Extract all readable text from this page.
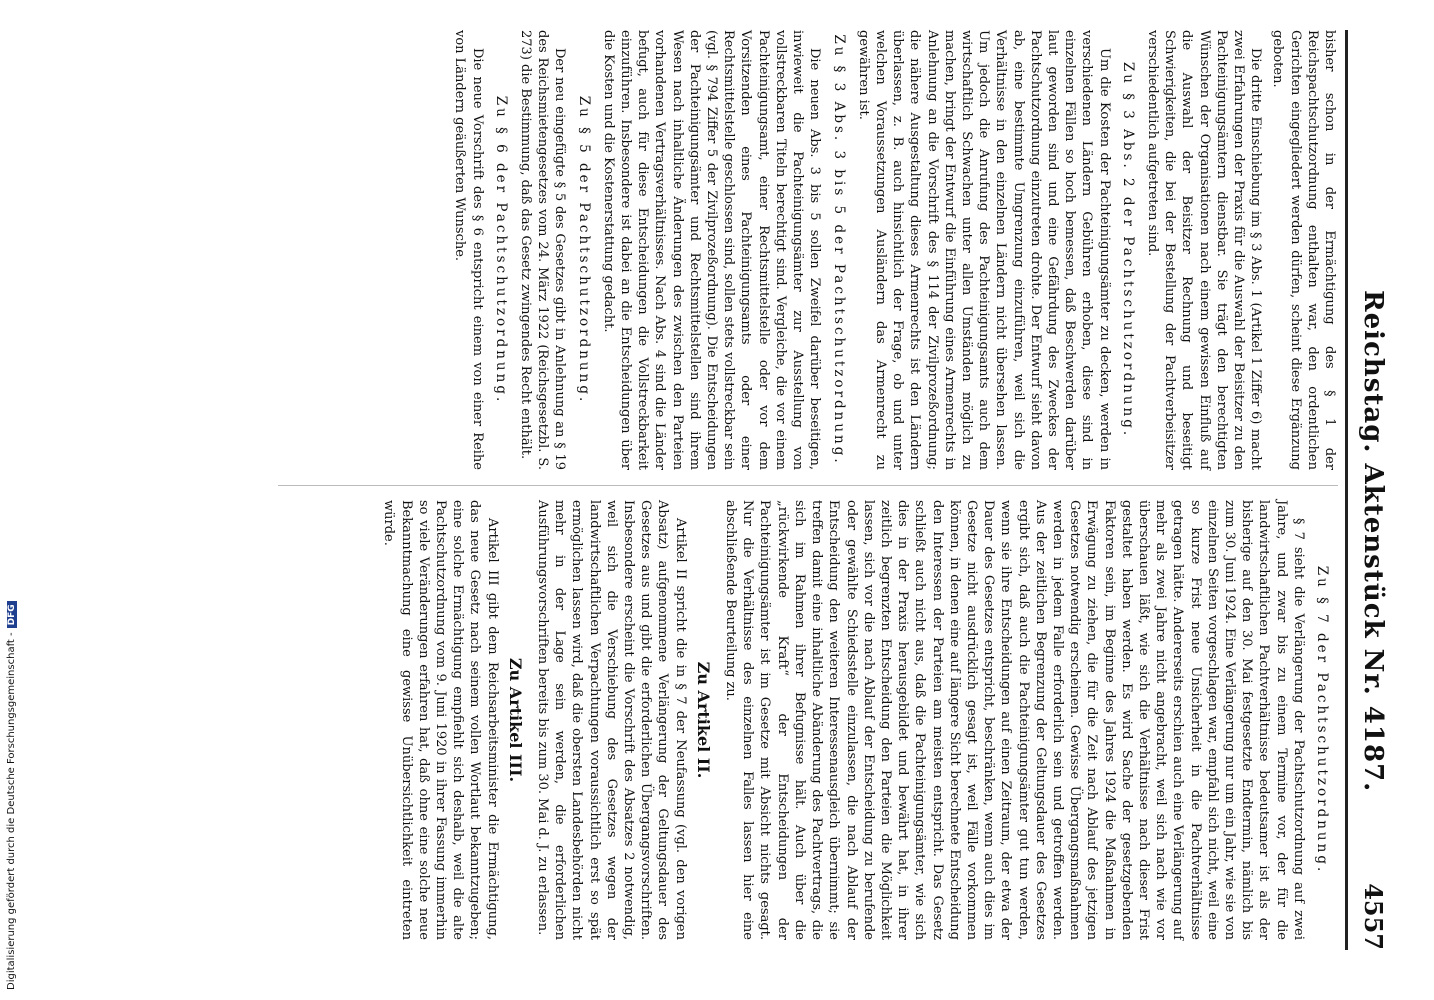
Reichstag. Aktenstück Nr. 4187.
4557

bisher schon in der Ermächtigung des § 1 der Reichspachtschutzordnung enthalten war, den ordentlichen Gerichten eingegliedert werden dürfen, scheint diese Ergänzung geboten.

Die dritte Einschiebung im § 3 Abs. 1 (Artikel 1 Ziffer 6) macht zwei Erfahrungen der Praxis für die Auswahl der Beisitzer zu den Pachteinigungsämtern dienstbar. Sie trägt den berechtigten Wünschen der Organisationen nach einem gewissen Einfluß auf die Auswahl der Beisitzer Rechnung und beseitigt Schwierigkeiten, die bei der Bestellung der Pachtverbeisitzer verschiedentlich aufgetreten sind.

Zu § 3 Abs. 2 der Pachtschutzordnung.

Um die Kosten der Pachteinigungsämter zu decken, werden in verschiedenen Ländern Gebühren erhoben, diese sind in einzelnen Fällen so hoch bemessen, daß Beschwerden darüber laut geworden sind und eine Gefährdung des Zweckes der Pachtschutzordnung einzutreten drohte. Der Entwurf sieht davon ab, eine bestimmte Umgrenzung einzuführen, weil sich die Verhältnisse in den einzelnen Ländern nicht übersehen lassen. Um jedoch die Anrufung des Pachteinigungsamts auch dem wirtschaftlich Schwachen unter allen Umständen möglich zu machen, bringt der Entwurf die Einführung eines Armenrechts in Anlehnung an die Vorschrift des § 114 der Zivilprozeßordnung; die nähere Ausgestaltung dieses Armenrechts ist den Ländern überlassen, z. B. auch hinsichtlich der Frage, ob und unter welchen Voraussetzungen Ausländern das Armenrecht zu gewähren ist.

Zu § 3 Abs. 3 bis 5 der Pachtschutzordnung.

Die neuen Abs. 3 bis 5 sollen Zweifel darüber beseitigen, inwieweit die Pachteinigungsämter zur Ausstellung von vollstreckbaren Titeln berechtigt sind. Vergleiche, die vor einem Pachteinigungsamt, einer Rechtsmittelstelle oder vor dem Vorsitzenden eines Pachteinigungsamts oder einer Rechtsmittelstelle geschlossen sind, sollen stets vollstreckbar sein (vgl. § 794 Ziffer 5 der Zivilprozeßordnung). Die Entscheidungen der Pachteinigungsämter und Rechtsmittelstellen sind ihrem Wesen nach inhaltliche Änderungen des zwischen den Parteien vorhandenen Vertragsverhältnisses. Nach Abs. 4 sind die Länder befugt, auch für diese Entscheidungen die Vollstreckbarkeit einzuführen. Insbesondere ist dabei an die Entscheidungen über die Kosten und die Kostenerstattung gedacht.

Zu § 5 der Pachtschutzordnung.

Der neu eingefügte § 5 des Gesetzes gibt in Anlehnung an § 19 des Reichsmietengesetzes vom 24. März 1922 (Reichsgesetzbl. S. 273) die Bestimmung, daß das Gesetz zwingendes Recht enthält.

Zu § 6 der Pachtschutzordnung.

Die neue Vorschrift des § 6 entspricht einem von einer Reihe von Ländern geäußerten Wunsche.

Zu § 7 der Pachtschutzordnung.

§ 7 sieht die Verlängerung der Pachtschutzordnung auf zwei Jahre, und zwar bis zu einem Termine vor, der für die landwirtschaftlichen Pachtverhältnisse bedeutsamer ist als der bisherige auf den 30. Mai festgesetzte Endtermin, nämlich bis zum 30. Juni 1924. Eine Verlängerung nur um ein Jahr, wie sie von einzelnen Seiten vorgeschlagen war, empfahl sich nicht, weil eine so kurze Frist neue Unsicherheit in die Pachtverhältnisse getragen hätte. Andererseits erschien auch eine Verlängerung auf mehr als zwei Jahre nicht angebracht, weil sich nach wie vor überschauen läßt, wie sich die Verhältnisse nach dieser Frist gestaltet haben werden. Es wird Sache der gesetzgebenden Faktoren sein, im Beginne des Jahres 1924 die Maßnahmen in Erwägung zu ziehen, die für die Zeit nach Ablauf des jetzigen Gesetzes notwendig erscheinen. Gewisse Übergangsmaßnahmen werden in jedem Falle erforderlich sein und getroffen werden. Aus der zeitlichen Begrenzung der Geltungsdauer des Gesetzes ergibt sich, daß auch die Pachteinigungsämter gut tun werden, wenn sie ihre Entscheidungen auf einen Zeitraum, der etwa der Dauer des Gesetzes entspricht, beschränken, wenn auch dies im Gesetze nicht ausdrücklich gesagt ist, weil Fälle vorkommen können, in denen eine auf längere Sicht berechnete Entscheidung den Interessen der Parteien am meisten entspricht. Das Gesetz schließt auch nicht aus, daß die Pachteinigungsämter, wie sich dies in der Praxis herausgebildet und bewährt hat, in ihrer zeitlich begrenzten Entscheidung den Parteien die Möglichkeit lassen, sich vor die nach Ablauf der Entscheidung zu berufende oder gewählte Schiedsstelle einzulassen, die nach Ablauf der Entscheidung den weiteren Interessenausgleich übernimmt; sie treffen damit eine inhaltliche Abänderung des Pachtvertrags, die sich im Rahmen ihrer Befugnisse hält. Auch über die „rückwirkende Kraft“ der Entscheidungen der Pachteinigungsämter ist im Gesetze mit Absicht nichts gesagt. Nur die Verhältnisse des einzelnen Falles lassen hier eine abschließende Beurteilung zu.

Zu Artikel II.

Artikel II spricht die in § 7 der Neufassung (vgl. den vorigen Absatz) aufgenommene Verlängerung der Geltungsdauer des Gesetzes aus und gibt die erforderlichen Übergangsvorschriften. Insbesondere erscheint die Vorschrift des Absatzes 2 notwendig, weil sich die Verschiebung des Gesetzes wegen der landwirtschaftlichen Verpachtungen voraussichtlich erst so spät ermöglichen lassen wird, daß die obersten Landesbehörden nicht mehr in der Lage sein werden, die erforderlichen Ausführungsvorschriften bereits bis zum 30. Mai d. J. zu erlassen.

Zu Artikel III.

Artikel III gibt dem Reichsarbeitsminister die Ermächtigung, das neue Gesetz nach seinem vollen Wortlaut bekanntzugeben; eine solche Ermächtigung empfiehlt sich deshalb, weil die alte Pachtschutzordnung vom 9. Juni 1920 in ihrer Fassung immerhin so viele Veränderungen erfahren hat, daß ohne eine solche neue Bekanntmachung eine gewisse Unübersichtlichkeit eintreten würde.

Digitalisierung gefördert durch die Deutsche Forschungsgemeinschaft -DFG
